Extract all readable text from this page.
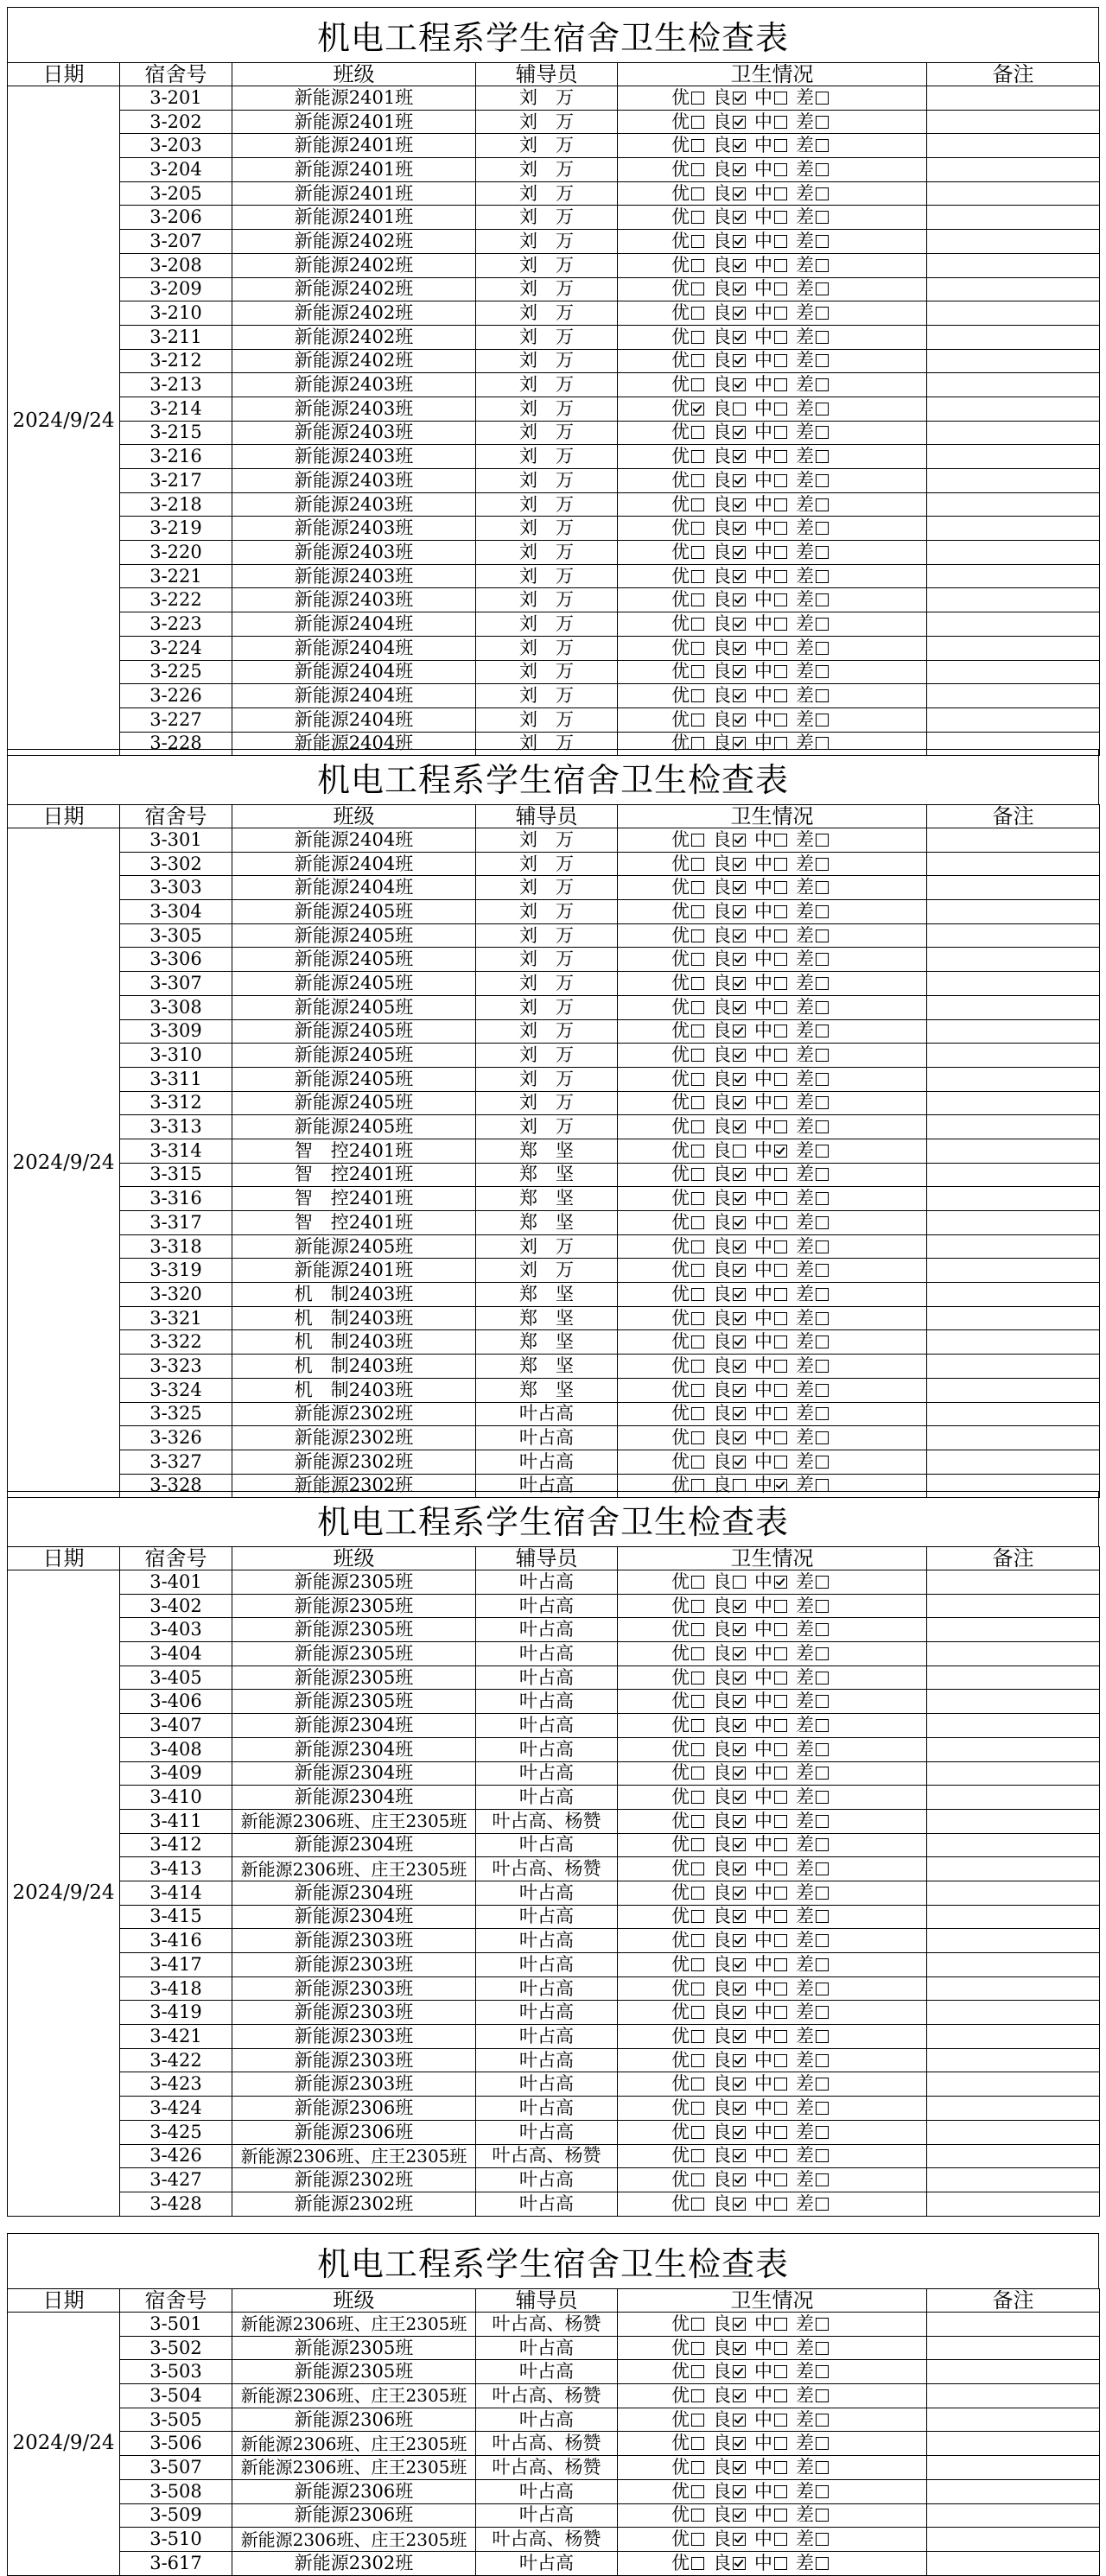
机电工程系学生宿舍卫生检查表
日期	宿舍号	班级	辅导员	卫生情况	备注
2024/9/24
3-201	新能源2401班	刘　万	优 良 中 差
3-202	新能源2401班	刘　万	优 良 中 差
3-203	新能源2401班	刘　万	优 良 中 差
3-204	新能源2401班	刘　万	优 良 中 差
3-205	新能源2401班	刘　万	优 良 中 差
3-206	新能源2401班	刘　万	优 良 中 差
3-207	新能源2402班	刘　万	优 良 中 差
3-208	新能源2402班	刘　万	优 良 中 差
3-209	新能源2402班	刘　万	优 良 中 差
3-210	新能源2402班	刘　万	优 良 中 差
3-211	新能源2402班	刘　万	优 良 中 差
3-212	新能源2402班	刘　万	优 良 中 差
3-213	新能源2403班	刘　万	优 良 中 差
3-214	新能源2403班	刘　万	优 良 中 差
3-215	新能源2403班	刘　万	优 良 中 差
3-216	新能源2403班	刘　万	优 良 中 差
3-217	新能源2403班	刘　万	优 良 中 差
3-218	新能源2403班	刘　万	优 良 中 差
3-219	新能源2403班	刘　万	优 良 中 差
3-220	新能源2403班	刘　万	优 良 中 差
3-221	新能源2403班	刘　万	优 良 中 差
3-222	新能源2403班	刘　万	优 良 中 差
3-223	新能源2404班	刘　万	优 良 中 差
3-224	新能源2404班	刘　万	优 良 中 差
3-225	新能源2404班	刘　万	优 良 中 差
3-226	新能源2404班	刘　万	优 良 中 差
3-227	新能源2404班	刘　万	优 良 中 差
3-228	新能源2404班	刘　万	优 良 中 差
机电工程系学生宿舍卫生检查表
日期	宿舍号	班级	辅导员	卫生情况	备注
2024/9/24
3-301	新能源2404班	刘　万	优 良 中 差
3-302	新能源2404班	刘　万	优 良 中 差
3-303	新能源2404班	刘　万	优 良 中 差
3-304	新能源2405班	刘　万	优 良 中 差
3-305	新能源2405班	刘　万	优 良 中 差
3-306	新能源2405班	刘　万	优 良 中 差
3-307	新能源2405班	刘　万	优 良 中 差
3-308	新能源2405班	刘　万	优 良 中 差
3-309	新能源2405班	刘　万	优 良 中 差
3-310	新能源2405班	刘　万	优 良 中 差
3-311	新能源2405班	刘　万	优 良 中 差
3-312	新能源2405班	刘　万	优 良 中 差
3-313	新能源2405班	刘　万	优 良 中 差
3-314	智　控2401班	郑　坚	优 良 中 差
3-315	智　控2401班	郑　坚	优 良 中 差
3-316	智　控2401班	郑　坚	优 良 中 差
3-317	智　控2401班	郑　坚	优 良 中 差
3-318	新能源2405班	刘　万	优 良 中 差
3-319	新能源2401班	刘　万	优 良 中 差
3-320	机　制2403班	郑　坚	优 良 中 差
3-321	机　制2403班	郑　坚	优 良 中 差
3-322	机　制2403班	郑　坚	优 良 中 差
3-323	机　制2403班	郑　坚	优 良 中 差
3-324	机　制2403班	郑　坚	优 良 中 差
3-325	新能源2302班	叶占高	优 良 中 差
3-326	新能源2302班	叶占高	优 良 中 差
3-327	新能源2302班	叶占高	优 良 中 差
3-328	新能源2302班	叶占高	优 良 中 差
机电工程系学生宿舍卫生检查表
日期	宿舍号	班级	辅导员	卫生情况	备注
2024/9/24
3-401	新能源2305班	叶占高	优 良 中 差
3-402	新能源2305班	叶占高	优 良 中 差
3-403	新能源2305班	叶占高	优 良 中 差
3-404	新能源2305班	叶占高	优 良 中 差
3-405	新能源2305班	叶占高	优 良 中 差
3-406	新能源2305班	叶占高	优 良 中 差
3-407	新能源2304班	叶占高	优 良 中 差
3-408	新能源2304班	叶占高	优 良 中 差
3-409	新能源2304班	叶占高	优 良 中 差
3-410	新能源2304班	叶占高	优 良 中 差
3-411	新能源2306班、庄王2305班	叶占高、杨赞	优 良 中 差
3-412	新能源2304班	叶占高	优 良 中 差
3-413	新能源2306班、庄王2305班	叶占高、杨赞	优 良 中 差
3-414	新能源2304班	叶占高	优 良 中 差
3-415	新能源2304班	叶占高	优 良 中 差
3-416	新能源2303班	叶占高	优 良 中 差
3-417	新能源2303班	叶占高	优 良 中 差
3-418	新能源2303班	叶占高	优 良 中 差
3-419	新能源2303班	叶占高	优 良 中 差
3-421	新能源2303班	叶占高	优 良 中 差
3-422	新能源2303班	叶占高	优 良 中 差
3-423	新能源2303班	叶占高	优 良 中 差
3-424	新能源2306班	叶占高	优 良 中 差
3-425	新能源2306班	叶占高	优 良 中 差
3-426	新能源2306班、庄王2305班	叶占高、杨赞	优 良 中 差
3-427	新能源2302班	叶占高	优 良 中 差
3-428	新能源2302班	叶占高	优 良 中 差
机电工程系学生宿舍卫生检查表
日期	宿舍号	班级	辅导员	卫生情况	备注
2024/9/24
3-501	新能源2306班、庄王2305班	叶占高、杨赞	优 良 中 差
3-502	新能源2305班	叶占高	优 良 中 差
3-503	新能源2305班	叶占高	优 良 中 差
3-504	新能源2306班、庄王2305班	叶占高、杨赞	优 良 中 差
3-505	新能源2306班	叶占高	优 良 中 差
3-506	新能源2306班、庄王2305班	叶占高、杨赞	优 良 中 差
3-507	新能源2306班、庄王2305班	叶占高、杨赞	优 良 中 差
3-508	新能源2306班	叶占高	优 良 中 差
3-509	新能源2306班	叶占高	优 良 中 差
3-510	新能源2306班、庄王2305班	叶占高、杨赞	优 良 中 差
3-617	新能源2302班	叶占高	优 良 中 差
